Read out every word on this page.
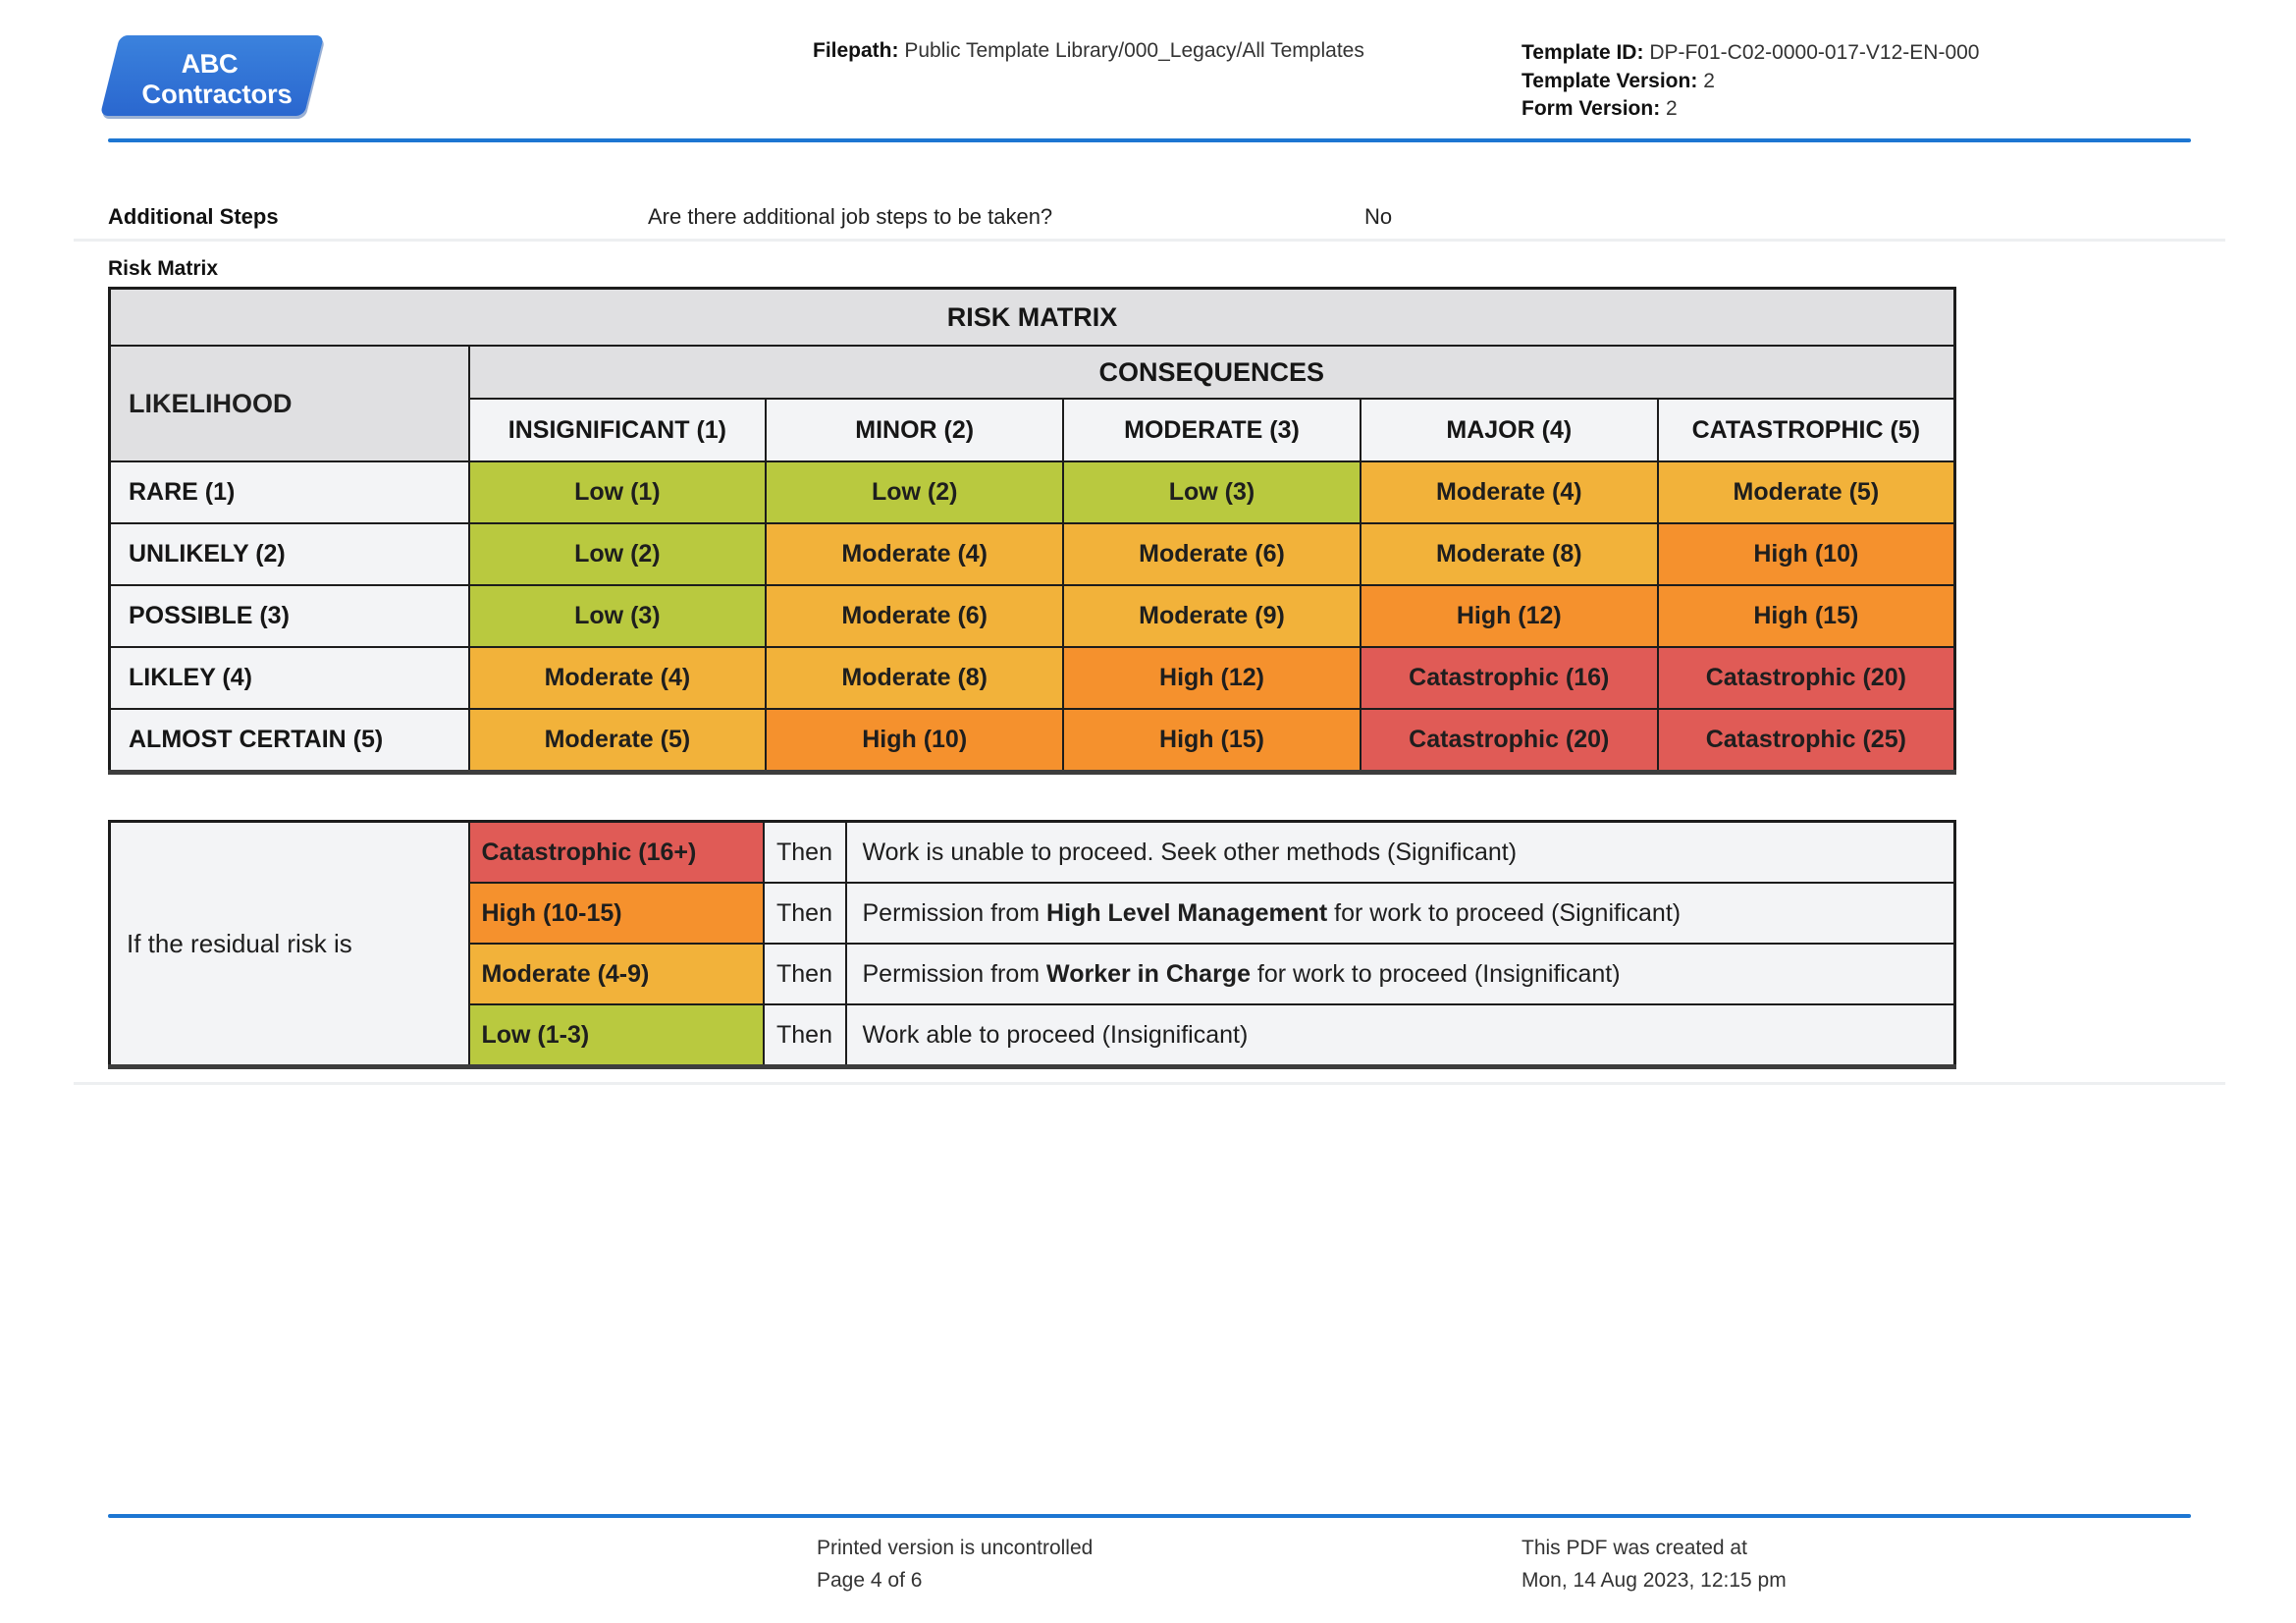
ABC Contractors
EXAMPLE CONTRACTOR COMPANY
Filepath: Public Template Library/000_Legacy/All Templates	Template ID: DP-F01-C02-0000-017-V12-EN-000
Template Version: 2
Form Version: 2
Additional Steps	Are there additional job steps to be taken?	No
Risk Matrix
RISK MATRIX					
LIKELIHOOD	CONSEQUENCES				
	INSIGNIFICANT (1)	MINOR (2)	MODERATE (3)	MAJOR (4)	CATASTROPHIC (5)
RARE (1)	Low (1)	Low (2)	Low (3)	Moderate (4)	Moderate (5)
UNLIKELY (2)	Low (2)	Moderate (4)	Moderate (6)	Moderate (8)	High (10)
POSSIBLE (3)	Low (3)	Moderate (6)	Moderate (9)	High (12)	High (15)
LIKLEY (4)	Moderate (4)	Moderate (8)	High (12)	Catastrophic (16)	Catastrophic (20)
ALMOST CERTAIN (5)	Moderate (5)	High (10)	High (15)	Catastrophic (20)	Catastrophic (25)
If the residual risk is	Catastrophic (16+)	Then	Work is unable to proceed. Seek other methods (Significant)
	High (10-15)	Then	Permission from High Level Management for work to proceed (Significant)
	Moderate (4-9)	Then	Permission from Worker in Charge for work to proceed (Insignificant)
	Low (1-3)	Then	Work able to proceed (Insignificant)
Printed version is uncontrolled
Page 4 of 6
This PDF was created at
Mon, 14 Aug 2023, 12:15 pm
